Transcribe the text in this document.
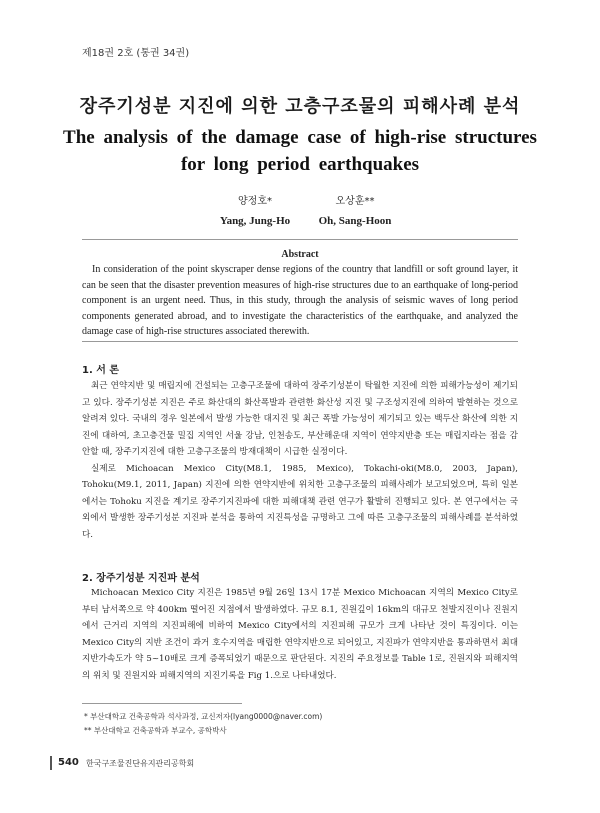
제18권 2호 (통권 34권)
장주기성분 지진에 의한 고층구조물의 피해사례 분석
The analysis of the damage case of high-rise structures
for long period earthquakes
양정호*
Yang, Jung-Ho
오상훈**
Oh, Sang-Hoon
Abstract

In consideration of the point skyscraper dense regions of the country that landfill or soft ground layer, it can be seen that the disaster prevention measures of high-rise structures due to an earthquake of long-period component is an urgent need. Thus, in this study, through the analysis of seismic waves of long period components generated abroad, and to investigate the characteristics of the earthquake, and analyzed the damage case of high-rise structures associated therewith.

1. 서 론

최근 연약지반 및 매립지에 건설되는 고층구조물에 대하여 장주기성분이 탁월한 지진에 의한 피해가능성이 제기되고 있다. 장주기성분 지진은 주로 화산대의 화산폭발과 관련한 화산성 지진 및 구조성지진에 의하여 발현하는 것으로 알려져 있다. 국내의 경우 일본에서 발생 가능한 대지진 및 최근 폭발 가능성이 제기되고 있는 백두산 화산에 의한 지진에 대하여, 초고층건물 밀집 지역인 서울 강남, 인천송도, 부산해운대 지역이 연약지반층 또는 매립지라는 점을 감안할 때, 장주기지진에 대한 고층구조물의 방재대책이 시급한 실정이다.

실제로 Michoacan Mexico City(M8.1, 1985, Mexico), Tokachi-oki(M8.0, 2003, Japan), Tohoku(M9.1, 2011, Japan) 지진에 의한 연약지반에 위치한 고층구조물의 피해사례가 보고되었으며, 특히 일본에서는 Tohoku 지진을 계기로 장주기지진파에 대한 피해대책 관련 연구가 활발히 진행되고 있다. 본 연구에서는 국외에서 발생한 장주기성분 지진파 분석을 통하여 지진특성을 규명하고 그에 따른 고층구조물의 피해사례를 분석하였다.

2. 장주기성분 지진파 분석

Michoacan Mexico City 지진은 1985년 9월 26일 13시 17분 Mexico Michoacan 지역의 Mexico City로부터 남서쪽으로 약 400km 떨어진 지점에서 발생하였다. 규모 8.1, 진원깊이 16km의 대규모 천발지진이나 진원지에서 근거리 지역의 지진피해에 비하여 Mexico City에서의 지진피해 규모가 크게 나타난 것이 특징이다. 이는 Mexico City의 지반 조건이 과거 호수지역을 매립한 연약지반으로 되어있고, 지진파가 연약지반을 통과하면서 최대지반가속도가 약 5~10배로 크게 증폭되었기 때문으로 판단된다. 지진의 주요정보를 Table 1로, 진원지와 피해지역의 위치 및 진원지와 피해지역의 지진기록을 Fig 1.으로 나타내었다.

* 부산대학교 건축공학과 석사과정, 교신저자(lyang0000@naver.com)
** 부산대학교 건축공학과 부교수, 공학박사
540 한국구조물진단유지관리공학회
